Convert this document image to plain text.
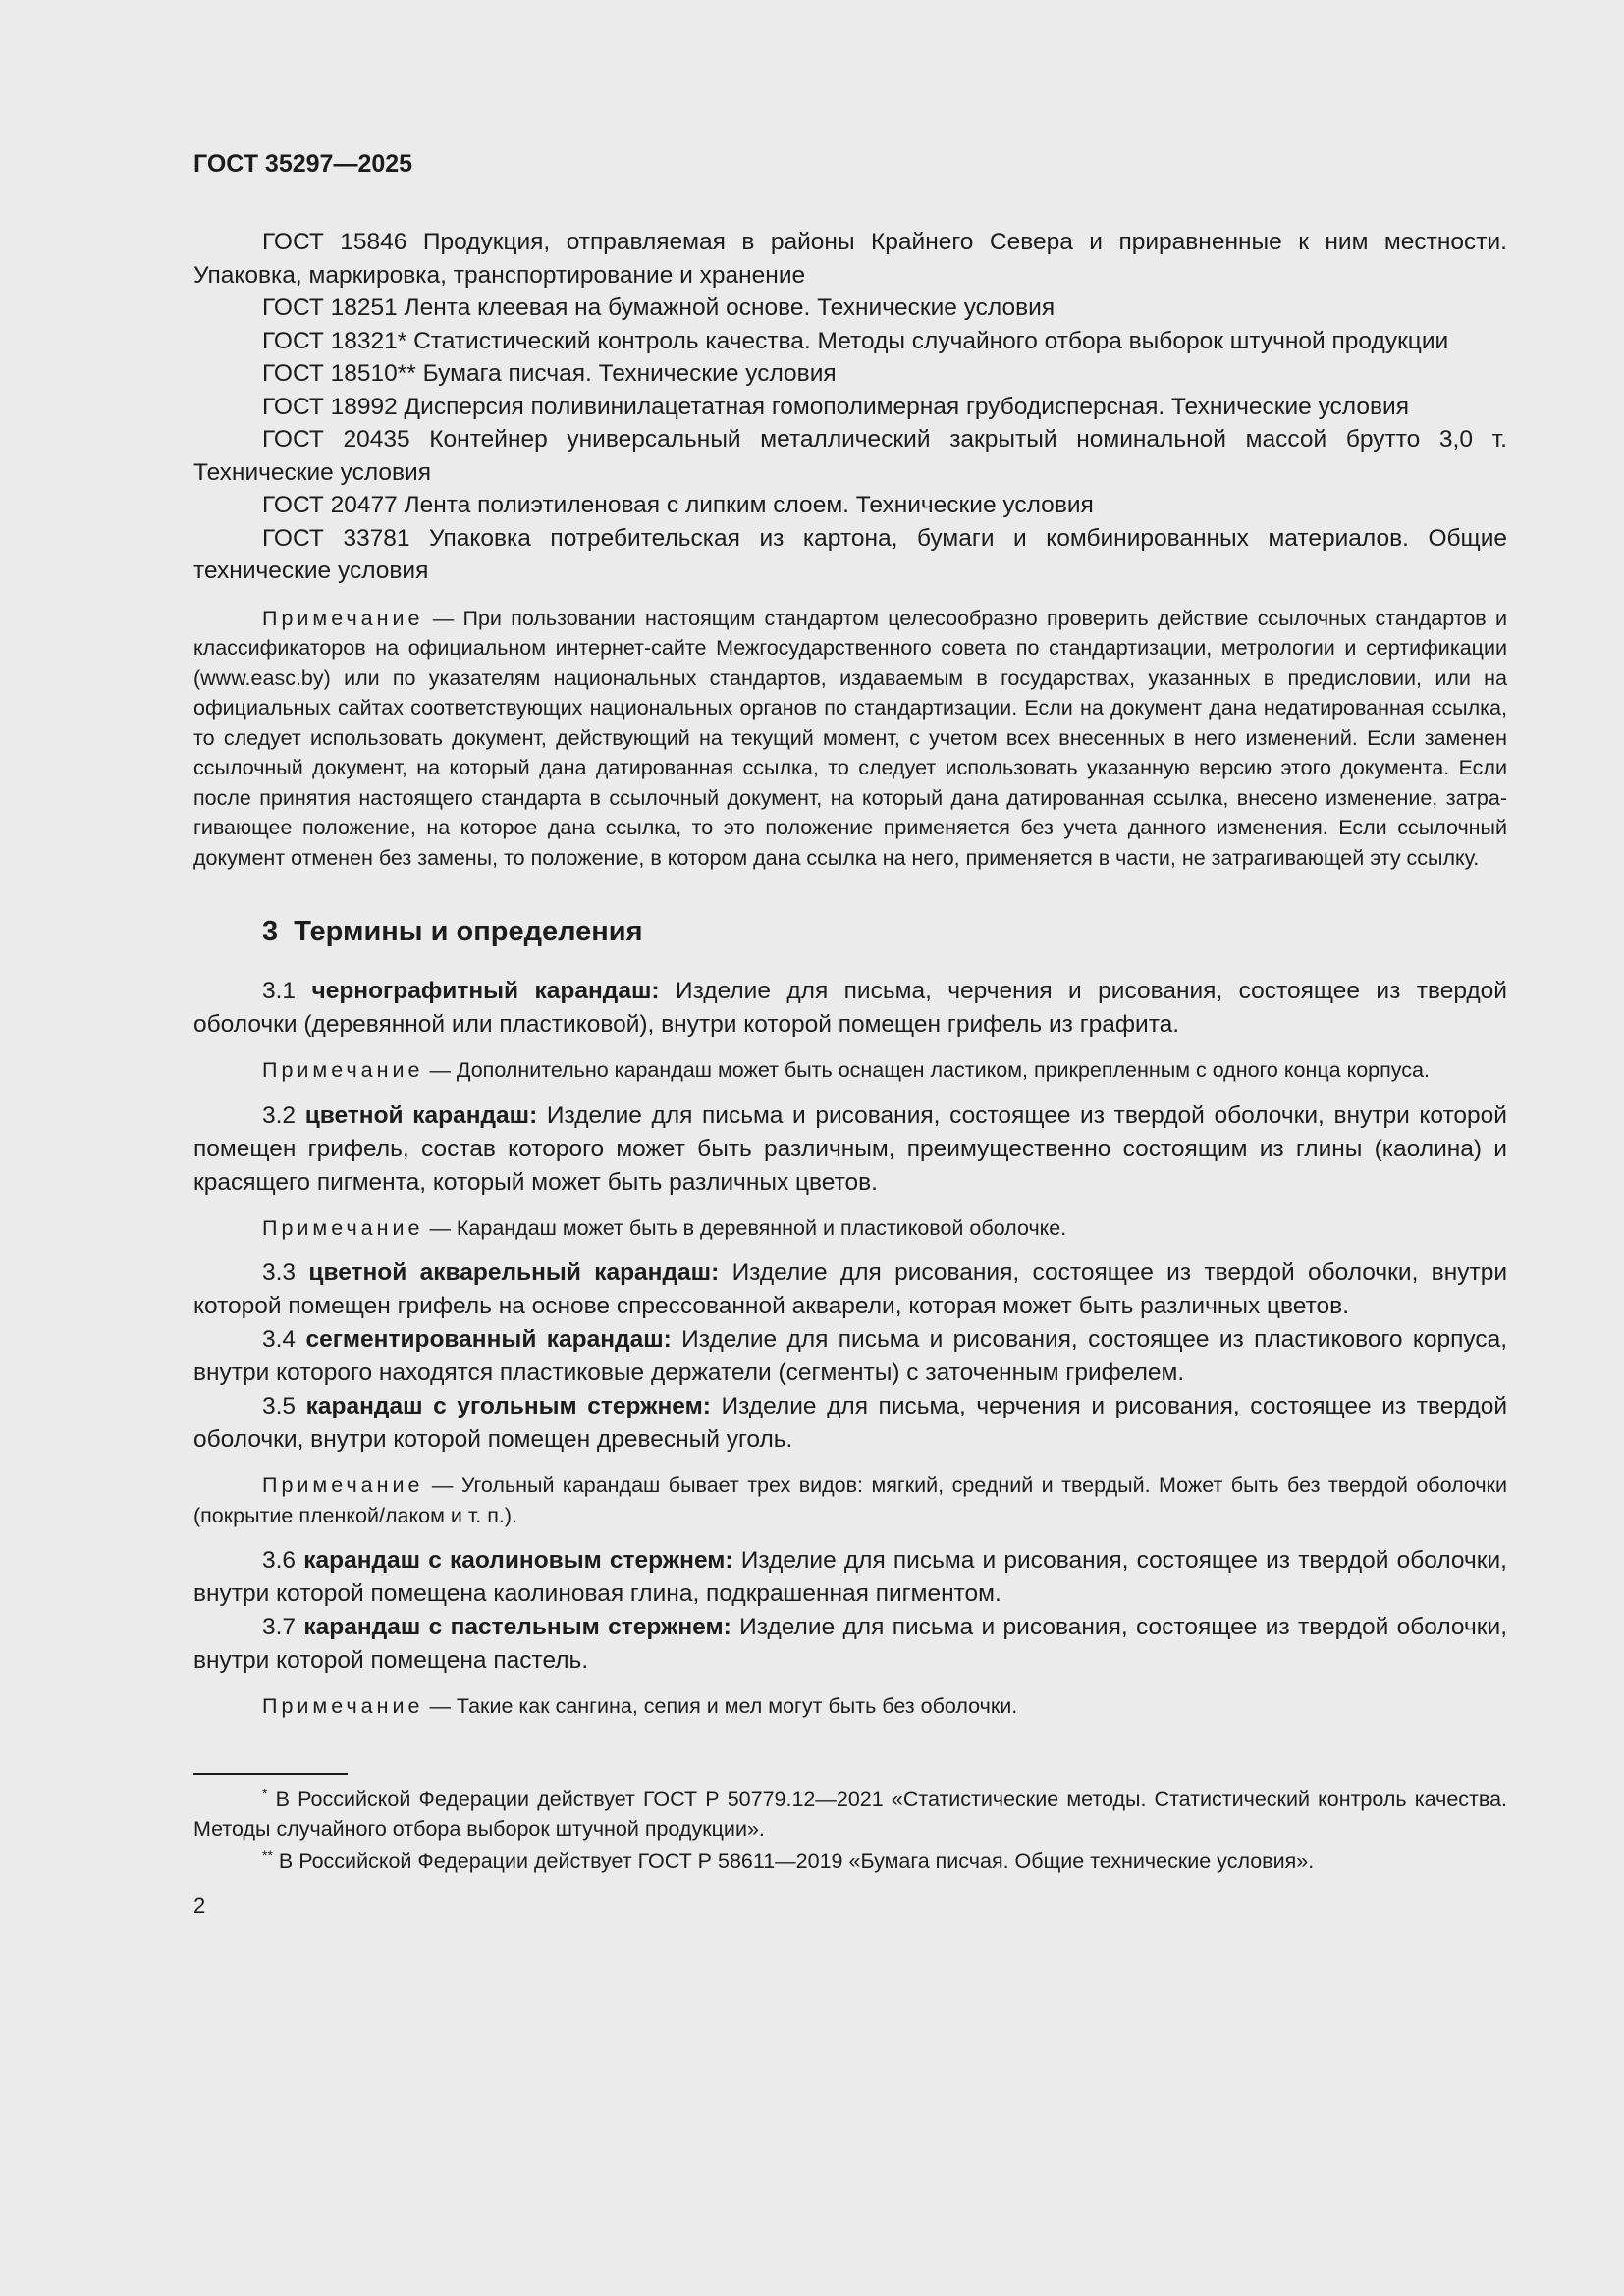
ГОСТ 35297—2025

ГОСТ 15846 Продукция, отправляемая в районы Крайнего Севера и приравненные к ним местности. Упаковка, маркировка, транспортирование и хранение

ГОСТ 18251 Лента клеевая на бумажной основе. Технические условия

ГОСТ 18321* Статистический контроль качества. Методы случайного отбора выборок штучной продукции

ГОСТ 18510** Бумага писчая. Технические условия

ГОСТ 18992 Дисперсия поливинилацетатная гомополимерная грубодисперсная. Технические условия

ГОСТ 20435 Контейнер универсальный металлический закрытый номинальной массой брутто 3,0 т. Технические условия

ГОСТ 20477 Лента полиэтиленовая с липким слоем. Технические условия

ГОСТ 33781 Упаковка потребительская из картона, бумаги и комбинированных материалов. Общие технические условия

Примечание — При пользовании настоящим стандартом целесообразно проверить действие ссылочных стандартов и классификаторов на официальном интернет-сайте Межгосударственного совета по стандартизации, метрологии и сертификации (www.easc.by) или по указателям национальных стандартов, издаваемым в государствах, указанных в предисловии, или на официальных сайтах соответствующих национальных органов по стандартизации. Если на документ дана недатированная ссылка, то следует использовать документ, действующий на текущий момент, с учетом всех внесенных в него изменений. Если заменен ссылочный документ, на который дана датированная ссылка, то следует использовать указанную версию этого документа. Если после принятия настоящего стандарта в ссылочный документ, на который дана датированная ссылка, внесено изменение, затрагивающее положение, на которое дана ссылка, то это положение применяется без учета данного изменения. Если ссылочный документ отменен без замены, то положение, в котором дана ссылка на него, применяется в части, не затрагивающей эту ссылку.

3 Термины и определения

3.1 чернографитный карандаш: Изделие для письма, черчения и рисования, состоящее из твердой оболочки (деревянной или пластиковой), внутри которой помещен грифель из графита.

Примечание — Дополнительно карандаш может быть оснащен ластиком, прикрепленным с одного конца корпуса.

3.2 цветной карандаш: Изделие для письма и рисования, состоящее из твердой оболочки, внутри которой помещен грифель, состав которого может быть различным, преимущественно состоящим из глины (каолина) и красящего пигмента, который может быть различных цветов.

Примечание — Карандаш может быть в деревянной и пластиковой оболочке.

3.3 цветной акварельный карандаш: Изделие для рисования, состоящее из твердой оболочки, внутри которой помещен грифель на основе спрессованной акварели, которая может быть различных цветов.

3.4 сегментированный карандаш: Изделие для письма и рисования, состоящее из пластикового корпуса, внутри которого находятся пластиковые держатели (сегменты) с заточенным грифелем.

3.5 карандаш с угольным стержнем: Изделие для письма, черчения и рисования, состоящее из твердой оболочки, внутри которой помещен древесный уголь.

Примечание — Угольный карандаш бывает трех видов: мягкий, средний и твердый. Может быть без твердой оболочки (покрытие пленкой/лаком и т. п.).

3.6 карандаш с каолиновым стержнем: Изделие для письма и рисования, состоящее из твердой оболочки, внутри которой помещена каолиновая глина, подкрашенная пигментом.

3.7 карандаш с пастельным стержнем: Изделие для письма и рисования, состоящее из твердой оболочки, внутри которой помещена пастель.

Примечание — Такие как сангина, сепия и мел могут быть без оболочки.

* В Российской Федерации действует ГОСТ Р 50779.12—2021 «Статистические методы. Статистический контроль качества. Методы случайного отбора выборок штучной продукции».

** В Российской Федерации действует ГОСТ Р 58611—2019 «Бумага писчая. Общие технические условия».

2
